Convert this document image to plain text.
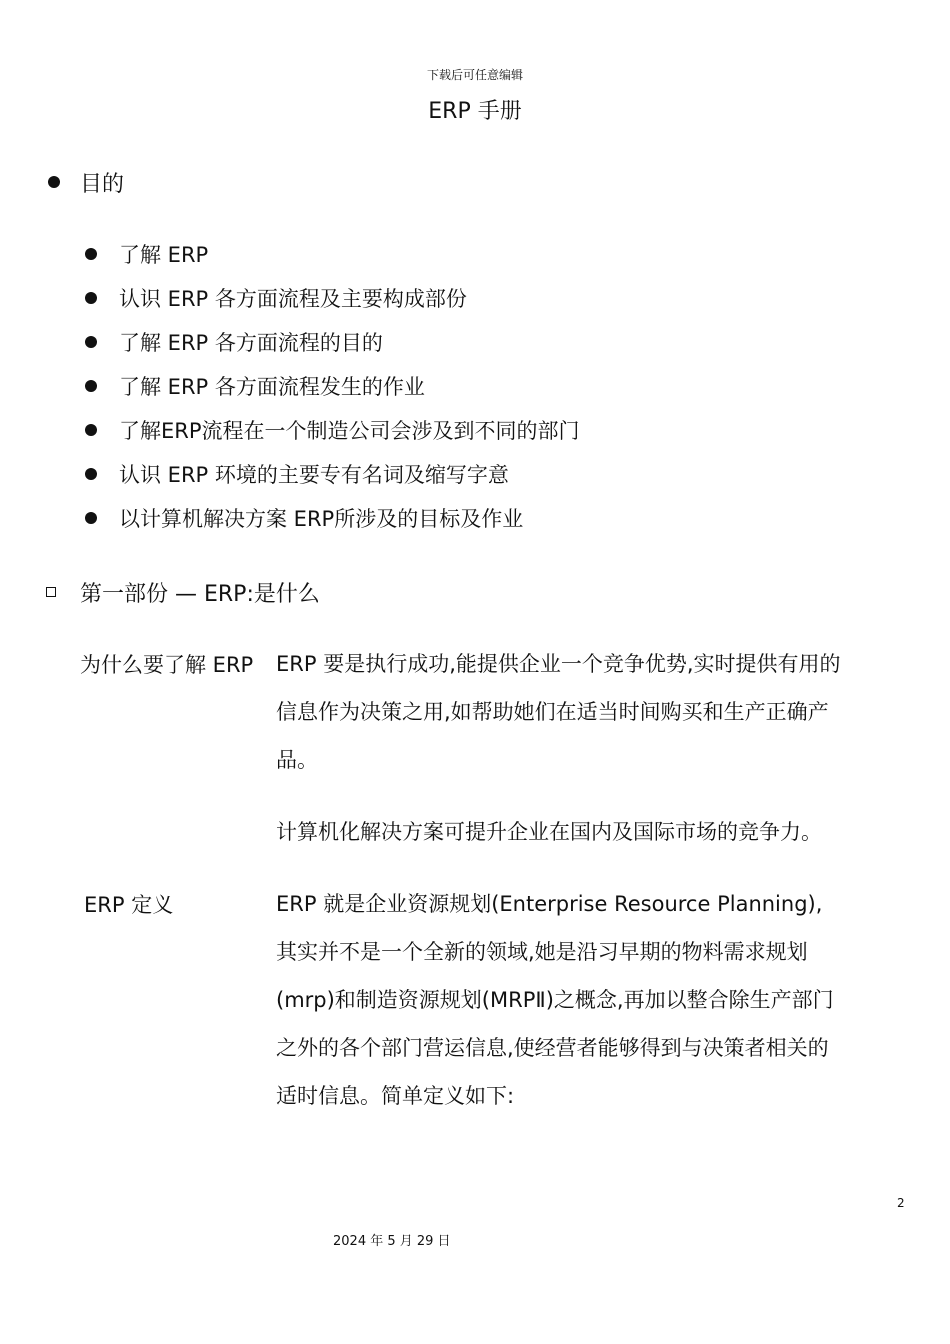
下载后可任意编辑
ERP 手册
目的
了解 ERP
认识 ERP 各方面流程及主要构成部份
了解 ERP 各方面流程的目的
了解 ERP 各方面流程发生的作业
了解ERP流程在一个制造公司会涉及到不同的部门
认识 ERP 环境的主要专有名词及缩写字意
以计算机解决方案 ERP所涉及的目标及作业
第一部份 — ERP:是什么
为什么要了解 ERP ERP 要是执行成功,能提供企业一个竞争优势,实时提供有用的
信息作为决策之用,如帮助她们在适当时间购买和生产正确产
品。
计算机化解决方案可提升企业在国内及国际市场的竞争力。
ERP 定义	ERP 就是企业资源规划(Enterprise Resource Planning),
其实并不是一个全新的领域,她是沿习早期的物料需求规划
(mrp)和制造资源规划(MRPⅡ)之概念,再加以整合除生产部门
之外的各个部门营运信息,使经营者能够得到与决策者相关的
适时信息。简单定义如下:
2
2024 年 5 月 29 日
